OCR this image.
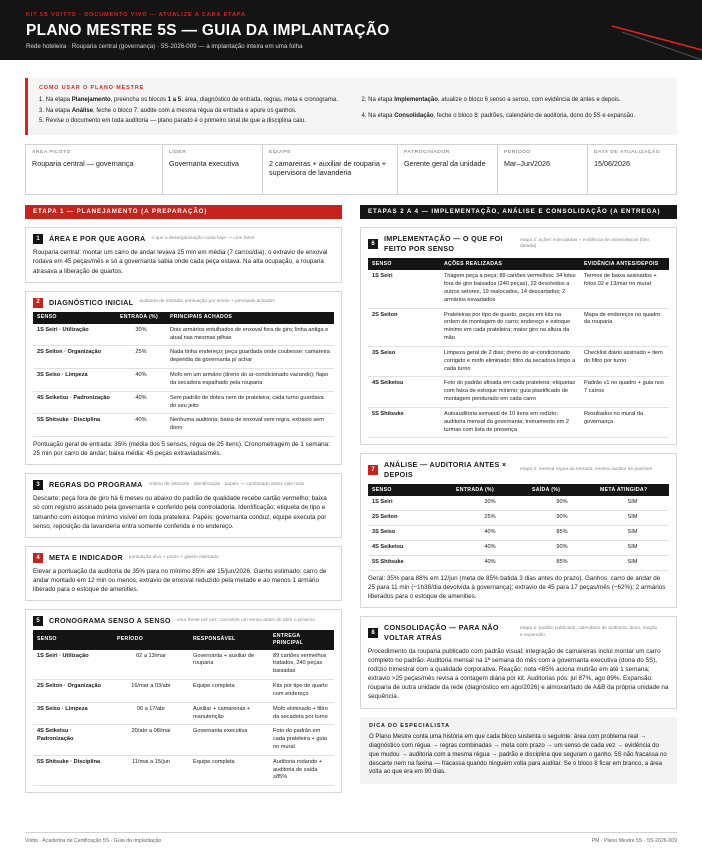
KIT 5S VOITTO · DOCUMENTO VIVO — ATUALIZE A CADA ETAPA
PLANO MESTRE 5S — GUIA DA IMPLANTAÇÃO
Rede hoteleira · Rouparia central (governança) · 5S-2026-009 — a implantação inteira em uma folha
COMO USAR O PLANO MESTRE
1. Na etapa Planejamento, preencha os blocos 1 a 5: área, diagnóstico de entrada, regras, meta e cronograma.
3. Na etapa Análise, feche o bloco 7: audite com a mesma régua da entrada e apure os ganhos.
5. Revise o documento em toda auditoria — plano parado é o primeiro sinal de que a disciplina caiu.
2. Na etapa Implementação, atualize o bloco 6 senso a senso, com evidência de antes e depois.
4. Na etapa Consolidação, feche o bloco 8: padrões, calendário de auditoria, dono do 5S e expansão.
ÁREA PILOTO
Rouparia central — governança
LÍDER
Governanta executiva
EQUIPE
2 camareiras + auxiliar de rouparia + supervisora de lavanderia
PATROCINADOR
Gerente geral da unidade
PERÍODO
Mar–Jun/2026
DATA DE ATUALIZAÇÃO
15/06/2026
ETAPA 1 — PLANEJAMENTO (A PREPARAÇÃO)
1	ÁREA E POR QUE AGORA o que a desorganização custa hoje — com fatos
Rouparia central: montar um carro de andar levava 25 min em média (7 carros/dia), o extravio de enxoval rodava em 45 peças/mês e só a governanta sabia onde cada peça estava. Na alta ocupação, a rouparia atrasava a liberação de quartos.
2	DIAGNÓSTICO INICIAL auditoria de entrada: pontuação por senso + principais achados
SENSO	ENTRADA (%)	PRINCIPAIS ACHADOS
1S Seiri · Utilização	30%	Dois armários entulhados de enxoval fora de giro; linha antiga e atual nas mesmas pilhas
2S Seiton · Organização	25%	Nada tinha endereço; peça guardada onde coubesse; camareira dependia da governanta p/ achar
3S Seiso · Limpeza	40%	Mofo em um armário (dreno do ar-condicionado vazando); fiapo da secadora espalhado pela rouparia
4S Seiketsu · Padronização	40%	Sem padrão de dobra nem de prateleira; cada turno guardava do seu jeito
5S Shitsuke · Disciplina	40%	Nenhuma auditoria; baixa de enxoval sem regra, extravio sem dono
Pontuação geral de entrada: 35% (média dos 5 sensos, régua de 25 itens). Cronometragem de 1 semana: 25 min por carro de andar; baixa média: 45 peças extraviadas/mês.
3	REGRAS DO PROGRAMA critério de descarte · identificação · papéis — combinado antes vale mais
Descarte: peça fora de giro há 6 meses ou abaixo do padrão de qualidade recebe cartão vermelho; baixa só com registro assinado pela governanta e conferido pela controladoria. Identificação: etiqueta de tipo e tamanho com estoque mínimo visível em toda prateleira. Papéis: governanta conduz, equipe executa por senso, reposição da lavanderia entra somente conferida e no endereço.
4	META E INDICADOR pontuação alvo + prazo + ganho estimado
Elevar a pontuação da auditoria de 35% para no mínimo 85% até 15/jun/2026. Ganho estimado: carro de andar montado em 12 min ou menos, extravio de enxoval reduzido pela metade e ao menos 1 armário liberado para o estoque de amenities.
5	CRONOGRAMA SENSO A SENSO uma frente por vez: consolide um senso antes de abrir o próximo
SENSO	PERÍODO	RESPONSÁVEL	ENTREGA PRINCIPAL
1S Seiri · Utilização	02 a 13/mar	Governanta + auxiliar de rouparia	89 cartões vermelhos tratados, 240 peças baixadas
2S Seiton · Organização	16/mar a 03/abr	Equipe completa	Kits por tipo de quarto com endereço
3S Seiso · Limpeza	06 a 17/abr	Auxiliar + camareiras + manutenção	Mofo eliminado + filtro da secadora por turno
4S Seiketsu · Padronização	20/abr a 08/mai	Governanta executiva	Foto do padrão em cada prateleira + guia no mural
5S Shitsuke · Disciplina	11/mai a 15/jun	Equipe completa	Auditoria rodando + auditoria de saída ≥85%
ETAPAS 2 A 4 — IMPLEMENTAÇÃO, ANÁLISE E CONSOLIDAÇÃO (A ENTREGA)
6
IMPLEMENTAÇÃO — O QUE FOI FEITO POR SENSO
etapa 2: ações executadas + evidência de antes/depois (foto datada)
SENSO	AÇÕES REALIZADAS	EVIDÊNCIA ANTES/DEPOIS
1S Seiri	Triagem peça a peça; 89 cartões vermelhos: 34 lotes fora de giro baixados (240 peças), 22 devolvidos a outros setores, 19 realocados, 14 descartados; 2 armários esvaziados	Termos de baixa assinados + fotos 02 e 13/mar no mural
2S Seiton	Prateleiras por tipo de quarto, peças em kits na ordem de montagem do carro; endereço e estoque mínimo em cada prateleira; maior giro na altura da mão	Mapa de endereços no quadro da rouparia
3S Seiso	Limpeza geral de 2 dias; dreno do ar-condicionado corrigido e mofo eliminado; filtro da secadora limpo a cada turno	Checklist diário assinado + item do filtro por turno
4S Seiketsu	Foto do padrão afixada em cada prateleira; etiquetas com faixa de estoque mínimo; guia plastificado de montagem pendurado em cada carro	Padrão v1 no quadro + guia nos 7 carros
5S Shitsuke	Autoauditoria semanal de 10 itens em rodízio; auditoria mensal da governanta; treinamento em 2 turmas com lista de presença	Resultados no mural da governança
7
ANÁLISE — AUDITORIA ANTES × DEPOIS
etapa 3: mesma régua da entrada, mesmo auditor se possível
SENSO	ENTRADA (%)	SAÍDA (%)	META ATINGIDA?
1S Seiri	30%	90%	SIM
2S Seiton	25%	90%	SIM
3S Seiso	40%	85%	SIM
4S Seiketsu	40%	90%	SIM
5S Shitsuke	40%	85%	SIM
Geral: 35% para 88% em 12/jun (meta de 85% batida 3 dias antes do prazo). Ganhos: carro de andar de 25 para 11 min (−1h38/dia devolvida à governança); extravio de 45 para 17 peças/mês (−62%); 2 armários liberados para o estoque de amenities.
8
CONSOLIDAÇÃO — PARA NÃO VOLTAR ATRÁS
etapa 4: padrão publicado, calendário de auditoria, dono, reação e expansão
Procedimento da rouparia publicado com padrão visual; integração de camareiras inclui montar um carro completo no padrão. Auditoria mensal na 1ª semana do mês com a governanta executiva (dona do 5S), rodízio trimestral com a qualidade corporativa. Reação: nota <85% aciona mutirão em até 1 semana; extravio >25 peças/mês revisa a contagem diária por kit. Auditorias pós: jul 87%, ago 89%. Expansão: rouparia de outra unidade da rede (diagnóstico em ago/2026) e almoxarifado de A&B da própria unidade na sequência.
DICA DO ESPECIALISTA
O Plano Mestre conta uma história em que cada bloco sustenta o seguinte: área com problema real → diagnóstico com régua → regras combinadas → meta com prazo → um senso de cada vez → evidência do que mudou → auditoria com a mesma régua → padrão e disciplina que seguram o ganho. 5S não fracassa no descarte nem na faxina — fracassa quando ninguém volta para auditar. Se o bloco 8 ficar em branco, a área volta ao que era em 90 dias.
Voitto · Academia de Certificação 5S · Guia da implantação	PM · Plano Mestre 5S · 5S-2026-009
